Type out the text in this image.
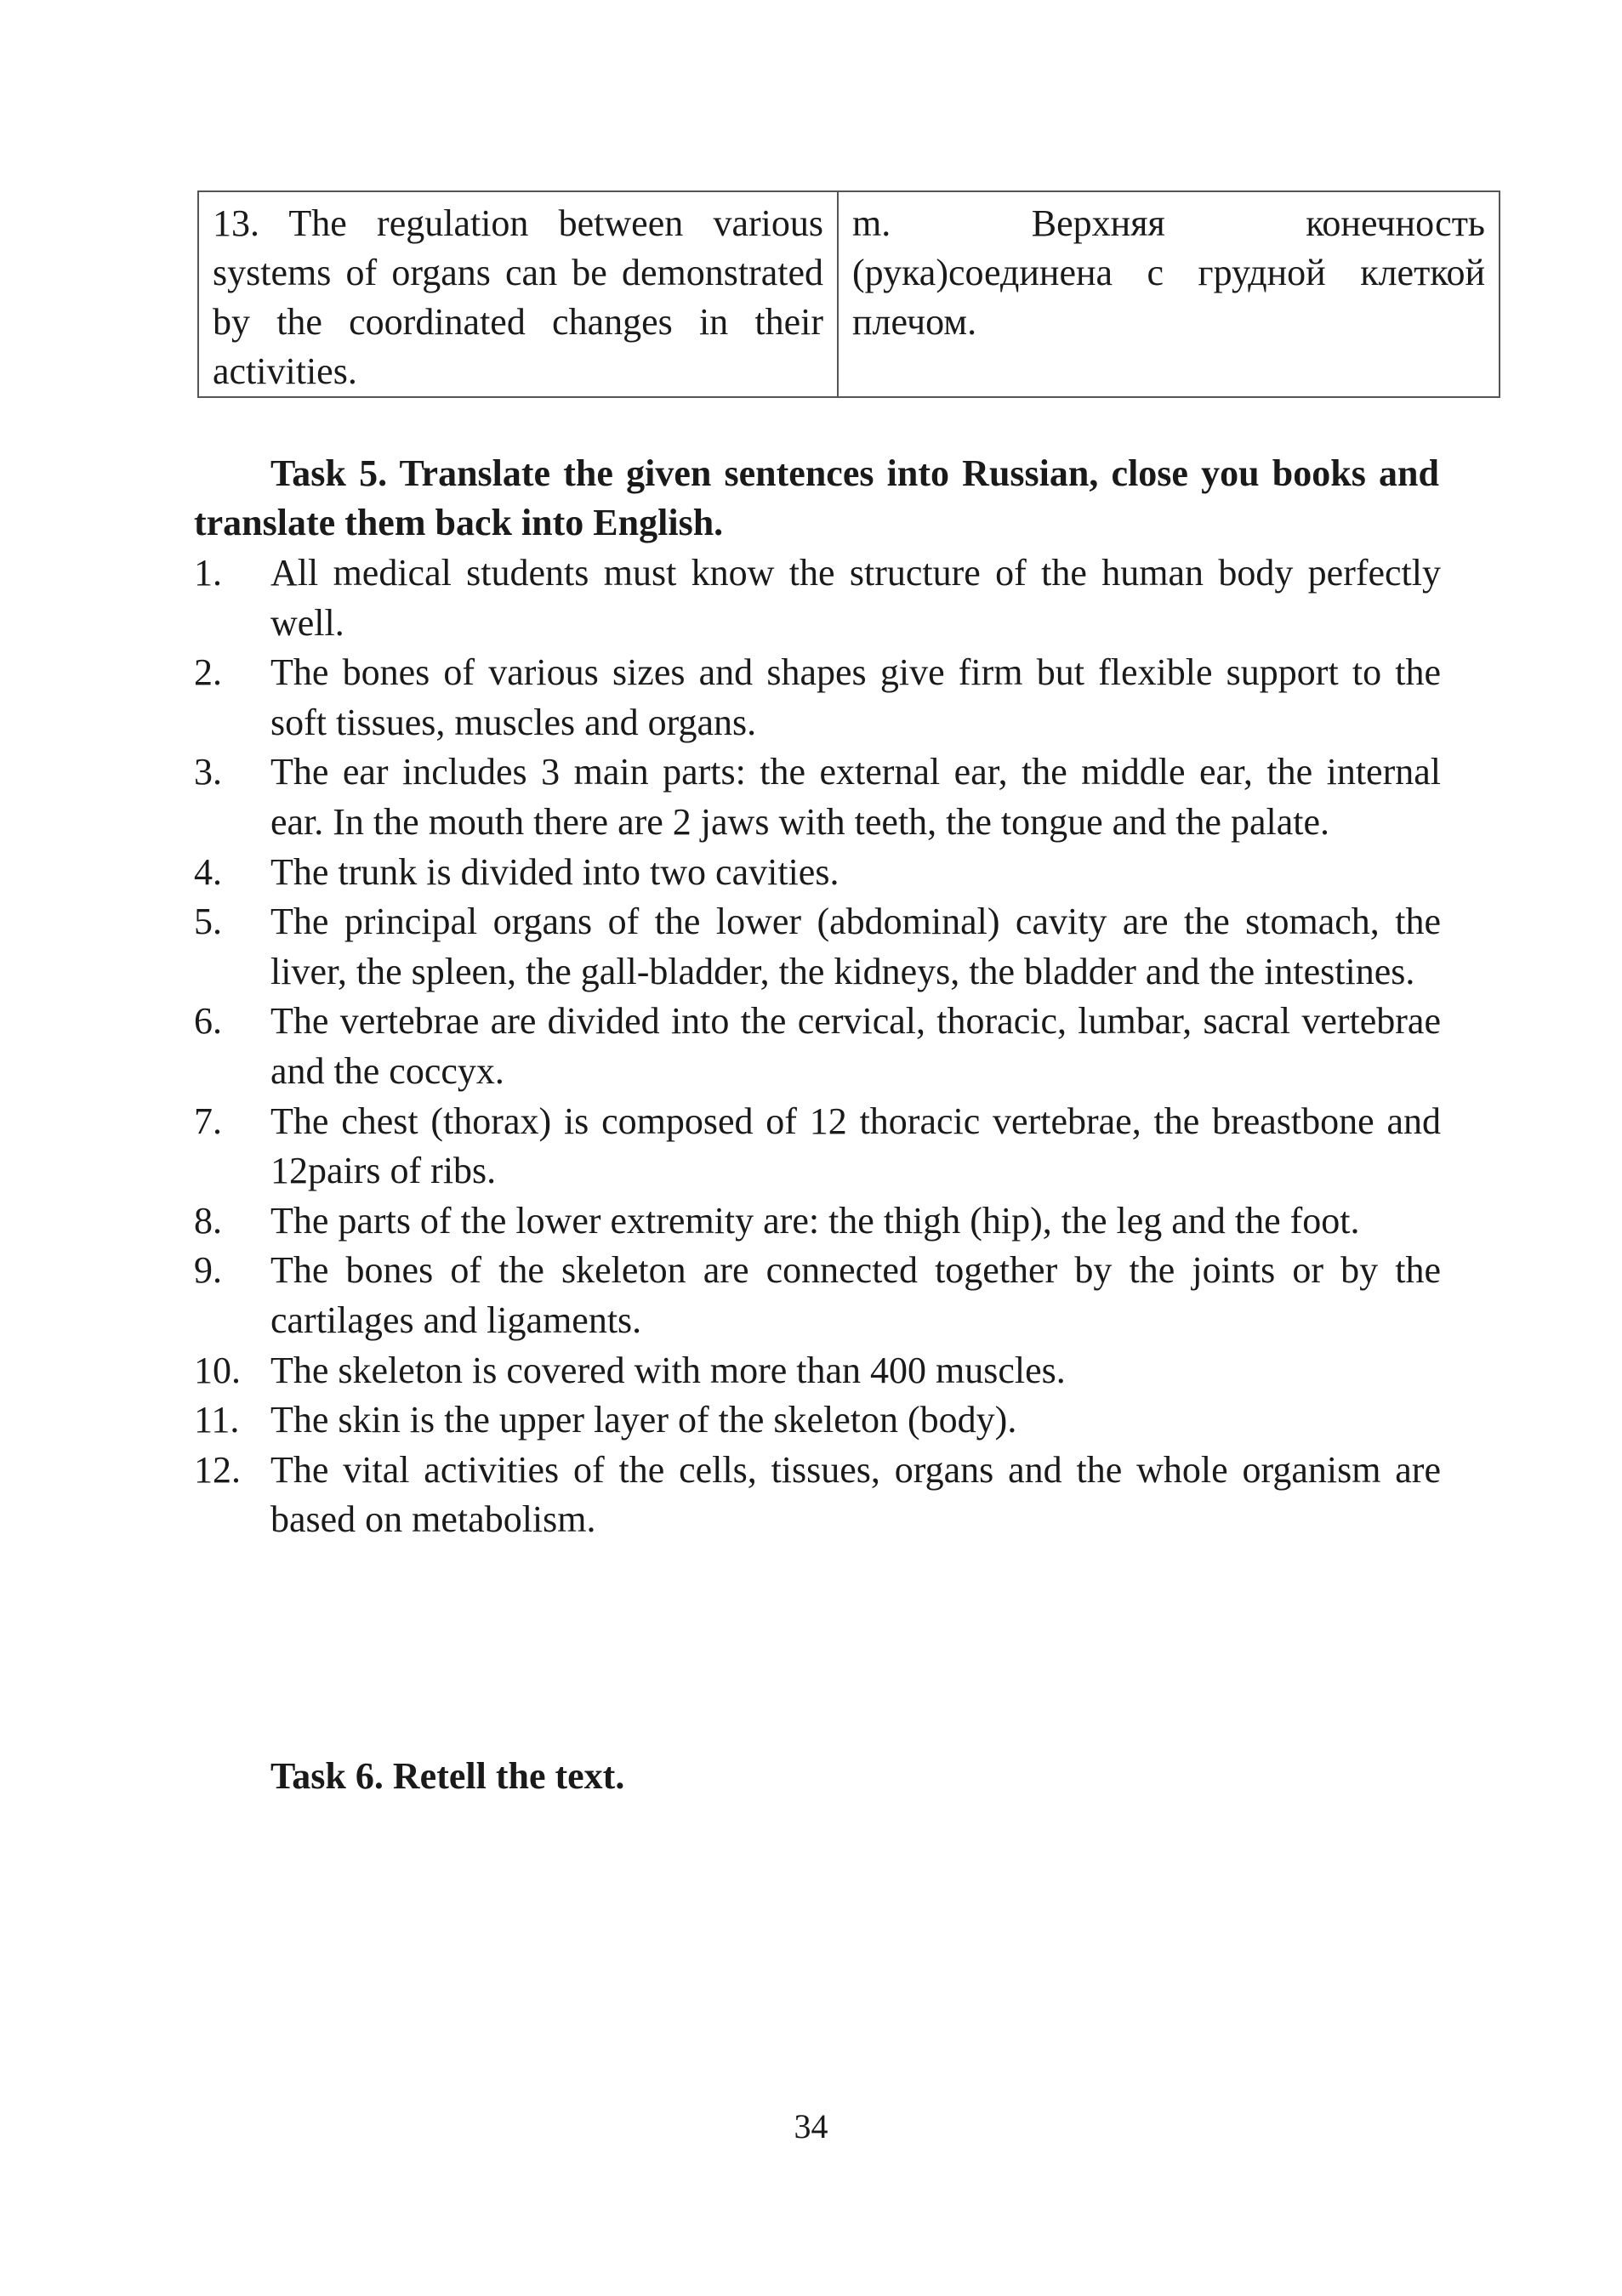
13. The regulation between various systems of organs can be demonstrated by the coordinated changes in their activities.	m. Верхняя конечность (рука)соединена с грудной клеткой плечом.

Task 5. Translate the given sentences into Russian, close you books and translate them back into English.

1.	All medical students must know the structure of the human body perfectly well.
2.	The bones of various sizes and shapes give firm but flexible support to the soft tissues, muscles and organs.
3.	The ear includes 3 main parts: the external ear, the middle ear, the internal ear. In the mouth there are 2 jaws with teeth, the tongue and the palate.
4.	The trunk is divided into two cavities.
5.	The principal organs of the lower (abdominal) cavity are the stomach, the liver, the spleen, the gall-bladder, the kidneys, the bladder and the intestines.
6.	The vertebrae are divided into the cervical, thoracic, lumbar, sacral vertebrae and the coccyx.
7.	The chest (thorax) is composed of 12 thoracic vertebrae, the breastbone and 12pairs of ribs.
8.	The parts of the lower extremity are: the thigh (hip), the leg and the foot.
9.	The bones of the skeleton are connected together by the joints or by the cartilages and ligaments.
10. The skeleton is covered with more than 400 muscles.
11. The skin is the upper layer of the skeleton (body).
12. The vital activities of the cells, tissues, organs and the whole organism are based on metabolism.

Task 6. Retell the text.

34
